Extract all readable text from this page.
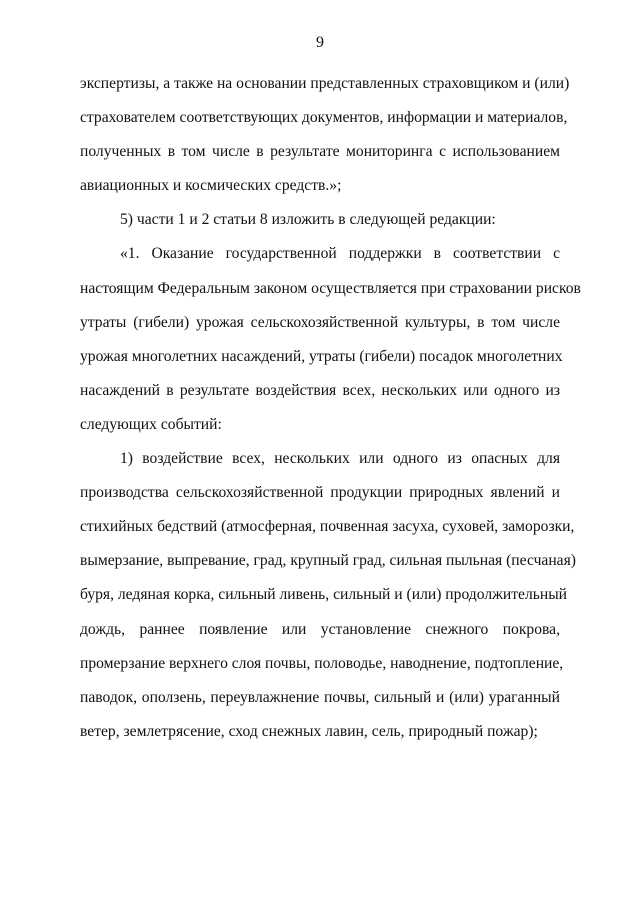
9
экспертизы, а также на основании представленных страховщиком и (или)
страхователем соответствующих документов, информации и материалов,
полученных в том числе в результате мониторинга с использованием
авиационных и космических средств.»;
5) части 1 и 2 статьи 8 изложить в следующей редакции:
«1. Оказание государственной поддержки в соответствии с
настоящим Федеральным законом осуществляется при страховании рисков
утраты (гибели) урожая сельскохозяйственной культуры, в том числе
урожая многолетних насаждений, утраты (гибели) посадок многолетних
насаждений в результате воздействия всех, нескольких или одного из
следующих событий:
1) воздействие всех, нескольких или одного из опасных для
производства сельскохозяйственной продукции природных явлений и
стихийных бедствий (атмосферная, почвенная засуха, суховей, заморозки,
вымерзание, выпревание, град, крупный град, сильная пыльная (песчаная)
буря, ледяная корка, сильный ливень, сильный и (или) продолжительный
дождь, раннее появление или установление снежного покрова,
промерзание верхнего слоя почвы, половодье, наводнение, подтопление,
паводок, оползень, переувлажнение почвы, сильный и (или) ураганный
ветер, землетрясение, сход снежных лавин, сель, природный пожар);
